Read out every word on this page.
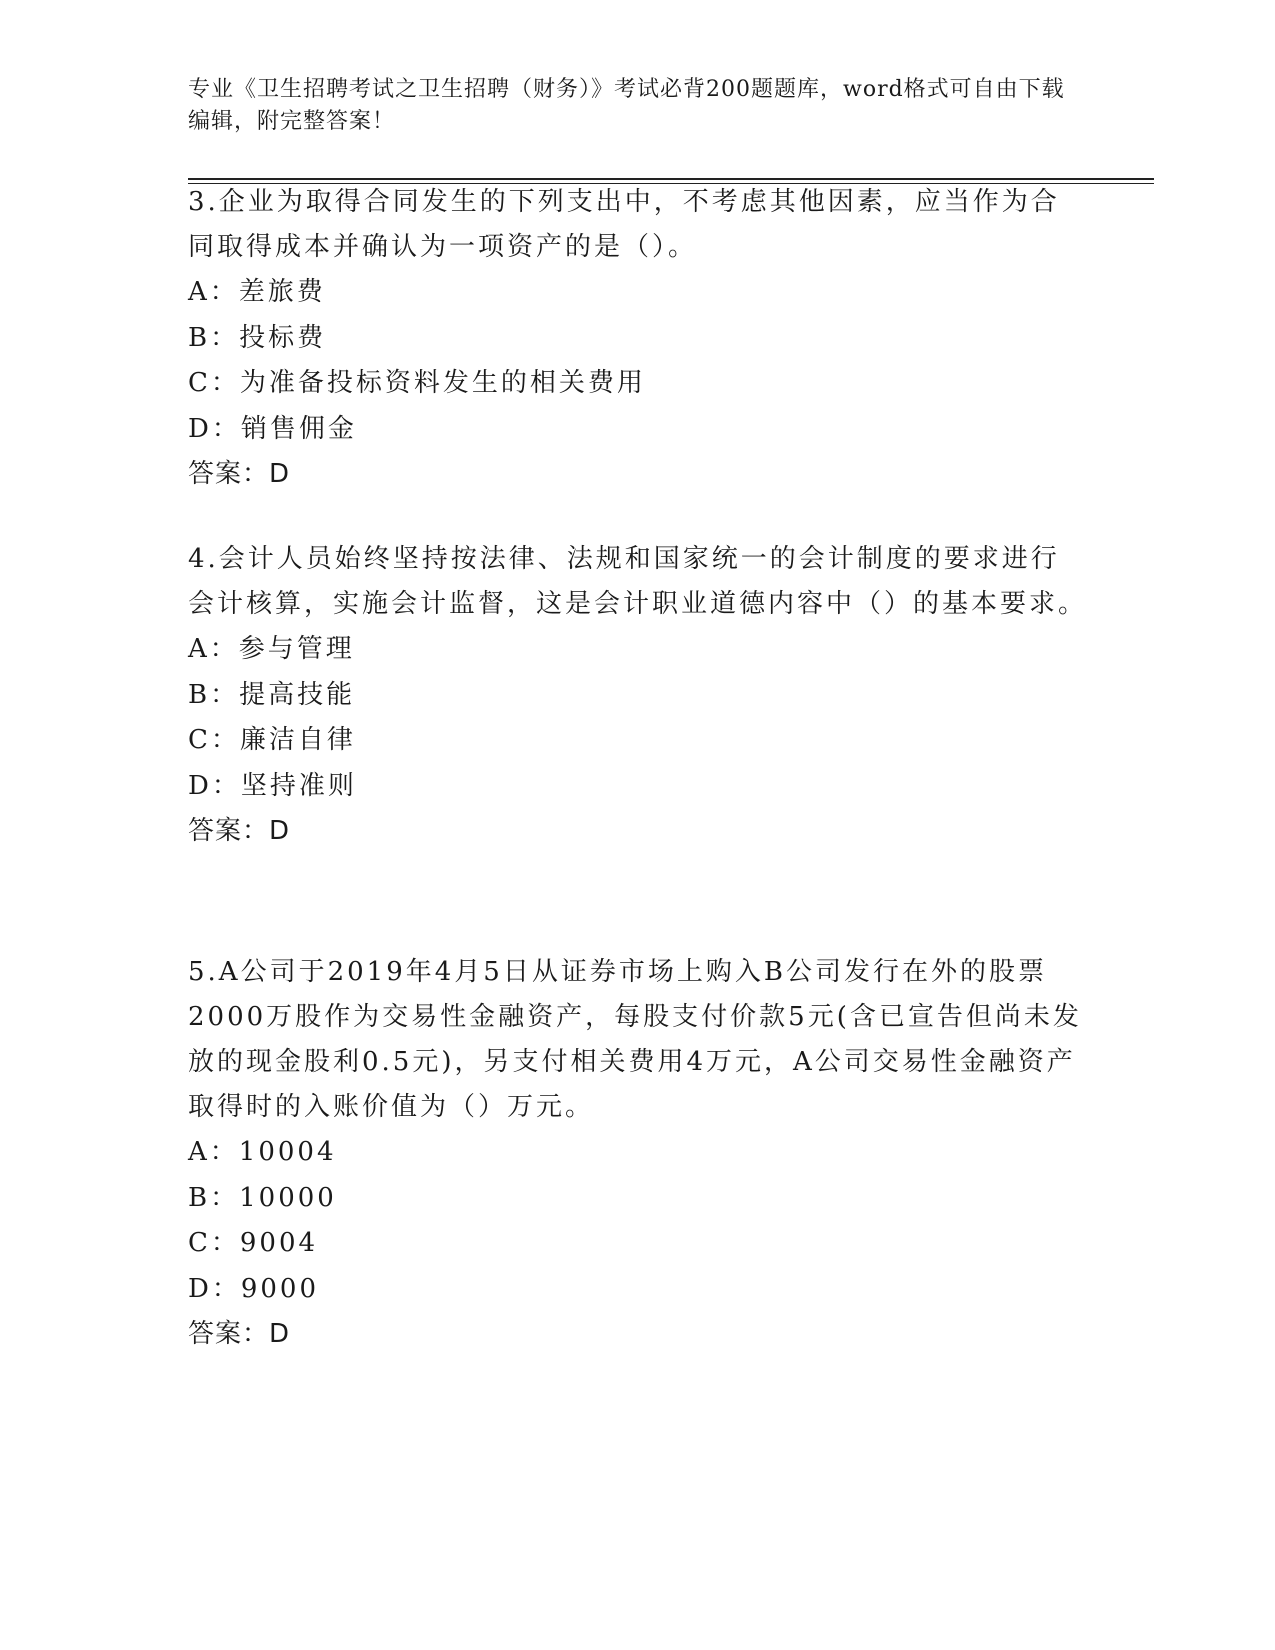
专业《卫生招聘考试之卫生招聘（财务）》考试必背200题题库，word格式可自由下载编辑，附完整答案！

3.企业为取得合同发生的下列支出中，不考虑其他因素，应当作为合同取得成本并确认为一项资产的是（）。

A：差旅费

B：投标费

C：为准备投标资料发生的相关费用

D：销售佣金

答案：D

4.会计人员始终坚持按法律、法规和国家统一的会计制度的要求进行会计核算，实施会计监督，这是会计职业道德内容中（）的基本要求。

A：参与管理

B：提高技能

C：廉洁自律

D：坚持准则

答案：D

5.A公司于2019年4月5日从证券市场上购入B公司发行在外的股票2000万股作为交易性金融资产，每股支付价款5元(含已宣告但尚未发放的现金股利0.5元)，另支付相关费用4万元，A公司交易性金融资产取得时的入账价值为（）万元。

A：10004

B：10000

C：9004

D：9000

答案：D
